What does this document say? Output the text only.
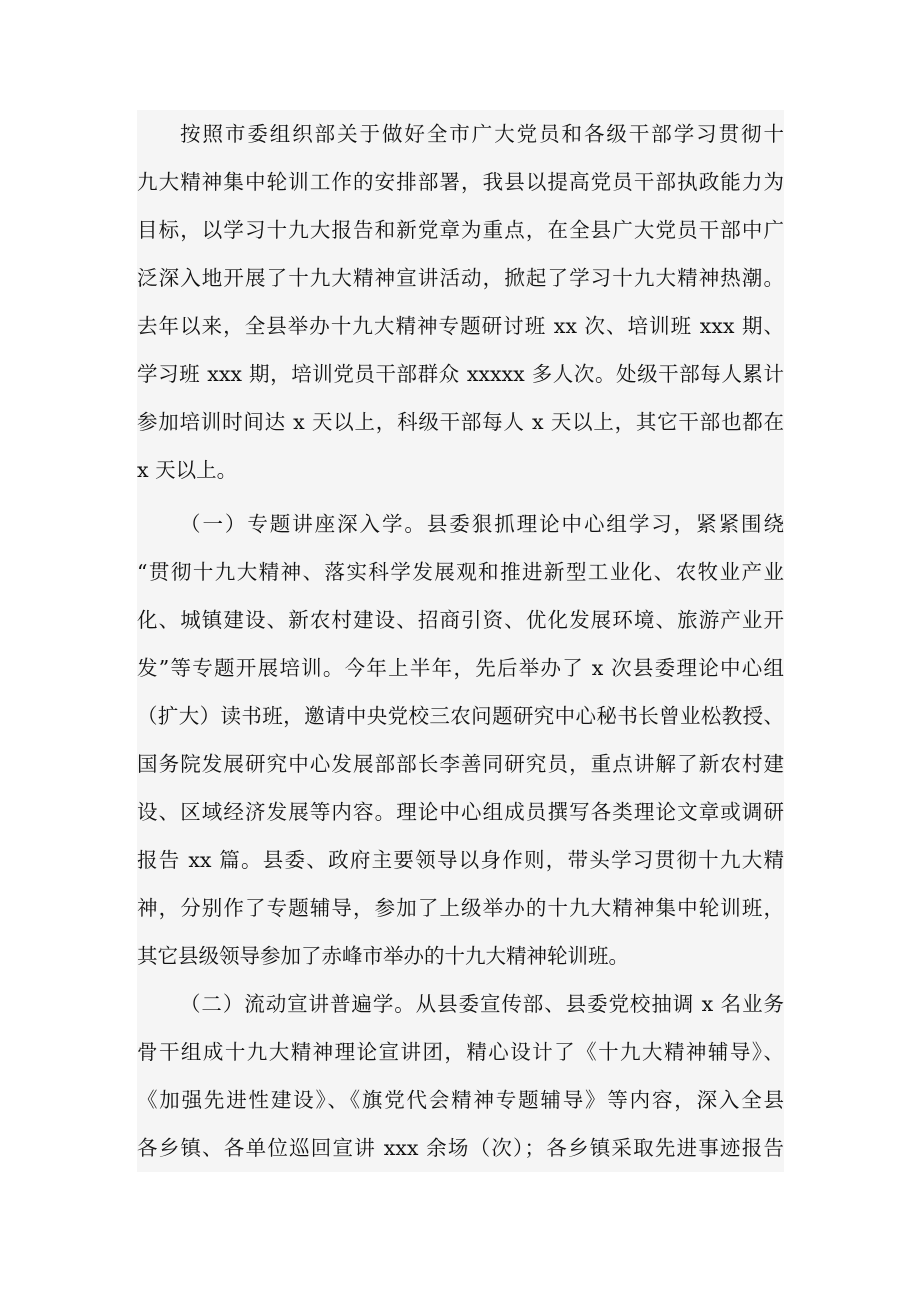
按照市委组织部关于做好全市广大党员和各级干部学习贯彻十
九大精神集中轮训工作的安排部署，我县以提高党员干部执政能力为
目标，以学习十九大报告和新党章为重点，在全县广大党员干部中广
泛深入地开展了十九大精神宣讲活动，掀起了学习十九大精神热潮。
去年以来，全县举办十九大精神专题研讨班 xx 次、培训班 xxx 期、
学习班 xxx 期，培训党员干部群众 xxxxx 多人次。处级干部每人累计
参加培训时间达 x 天以上，科级干部每人 x 天以上，其它干部也都在
x 天以上。
（一）专题讲座深入学。县委狠抓理论中心组学习，紧紧围绕
“贯彻十九大精神、落实科学发展观和推进新型工业化、农牧业产业
化、城镇建设、新农村建设、招商引资、优化发展环境、旅游产业开
发”等专题开展培训。今年上半年，先后举办了 x 次县委理论中心组
（扩大）读书班，邀请中央党校三农问题研究中心秘书长曾业松教授、
国务院发展研究中心发展部部长李善同研究员，重点讲解了新农村建
设、区域经济发展等内容。理论中心组成员撰写各类理论文章或调研
报告 xx 篇。县委、政府主要领导以身作则，带头学习贯彻十九大精
神，分别作了专题辅导，参加了上级举办的十九大精神集中轮训班，
其它县级领导参加了赤峰市举办的十九大精神轮训班。
（二）流动宣讲普遍学。从县委宣传部、县委党校抽调 x 名业务
骨干组成十九大精神理论宣讲团，精心设计了《十九大精神辅导》、
《加强先进性建设》、《旗党代会精神专题辅导》等内容，深入全县
各乡镇、各单位巡回宣讲 xxx 余场（次）；各乡镇采取先进事迹报告
